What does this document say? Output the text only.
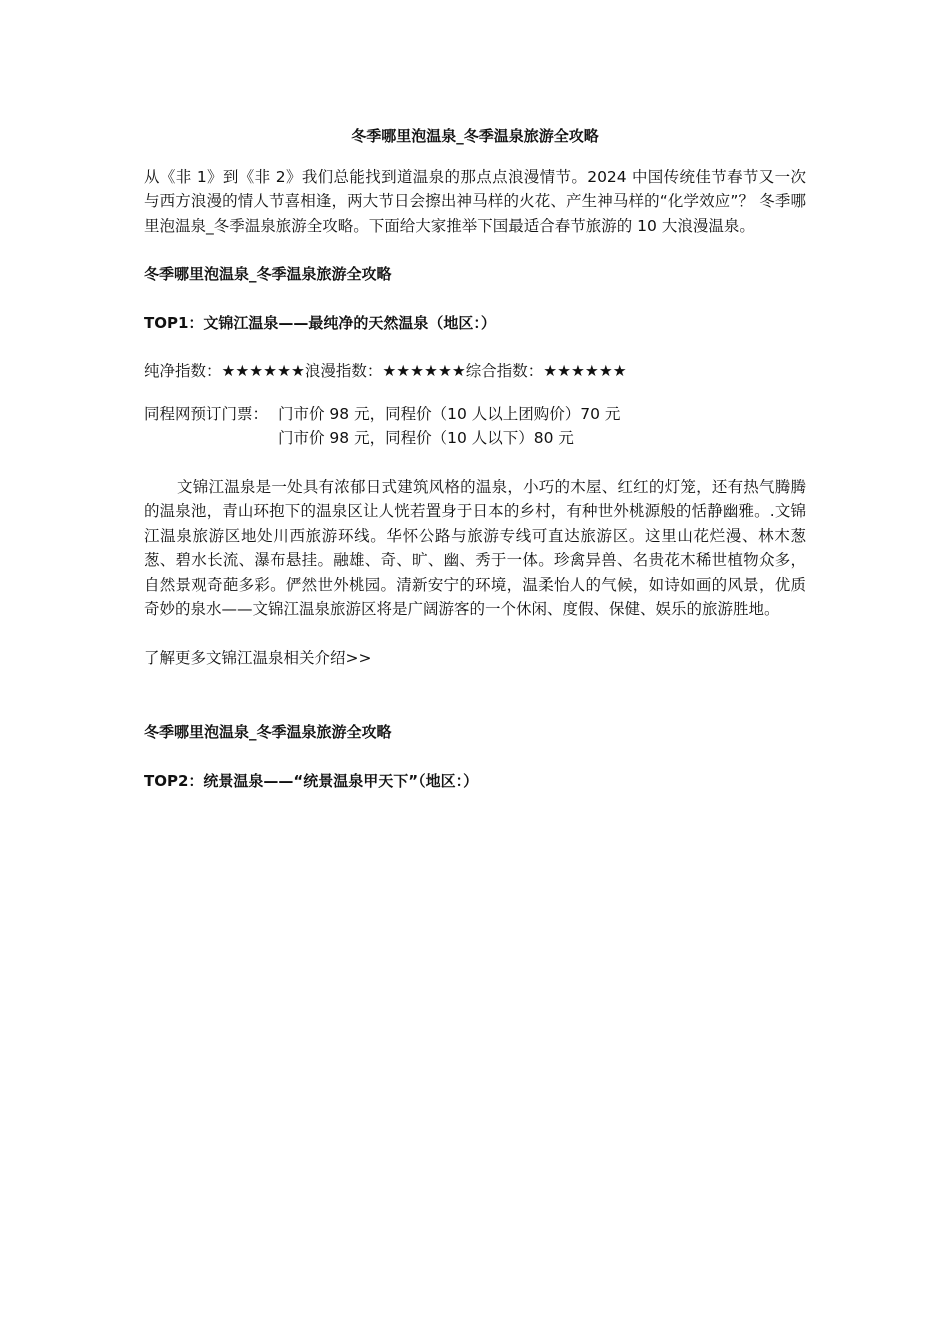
冬季哪里泡温泉_冬季温泉旅游全攻略

从《非 1》到《非 2》我们总能找到道温泉的那点点浪漫情节。2024 中国传统佳节春节又一次与西方浪漫的情人节喜相逢，两大节日会擦出神马样的火花、产生神马样的“化学效应”？ 冬季哪里泡温泉_冬季温泉旅游全攻略。下面给大家推举下国最适合春节旅游的 10 大浪漫温泉。

冬季哪里泡温泉_冬季温泉旅游全攻略

TOP1：文锦江温泉——最纯净的天然温泉（地区：）

纯净指数：★★★★★★浪漫指数：★★★★★★综合指数：★★★★★★

同程网预订门票： 门市价 98 元，同程价（10 人以上团购价）70 元
门市价 98 元，同程价（10 人以下）80 元

文锦江温泉是一处具有浓郁日式建筑风格的温泉，小巧的木屋、红红的灯笼，还有热气腾腾的温泉池，青山环抱下的温泉区让人恍若置身于日本的乡村，有种世外桃源般的恬静幽雅。.文锦江温泉旅游区地处川西旅游环线。华怀公路与旅游专线可直达旅游区。这里山花烂漫、林木葱葱、碧水长流、瀑布悬挂。融雄、奇、旷、幽、秀于一体。珍禽异兽、名贵花木稀世植物众多，自然景观奇葩多彩。俨然世外桃园。清新安宁的环境，温柔怡人的气候，如诗如画的风景，优质奇妙的泉水——文锦江温泉旅游区将是广阔游客的一个休闲、度假、保健、娱乐的旅游胜地。

了解更多文锦江温泉相关介绍>>

冬季哪里泡温泉_冬季温泉旅游全攻略

TOP2：统景温泉——“统景温泉甲天下”（地区：）
